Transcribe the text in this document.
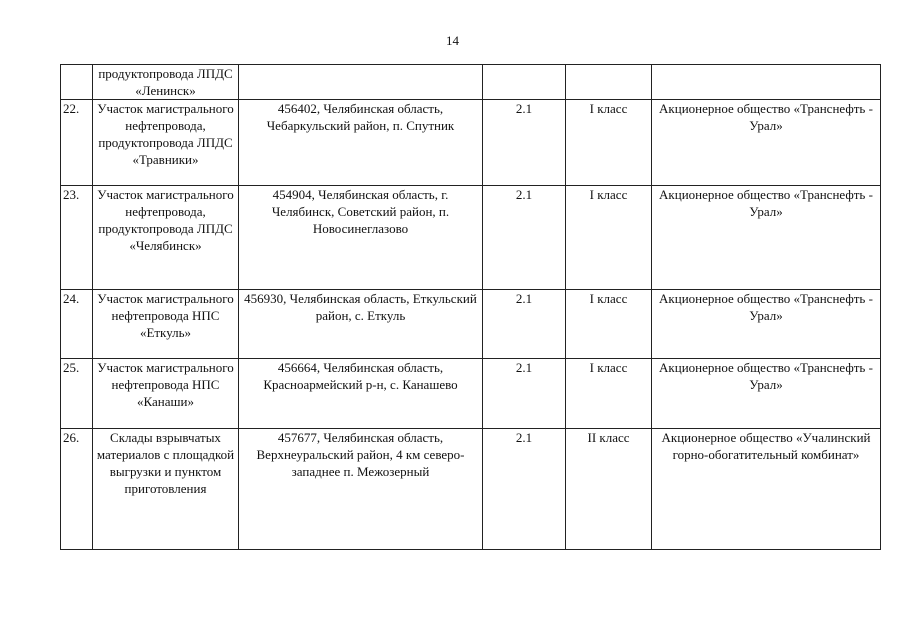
14
	продуктопровода ЛПДС «Ленинск»				
22.	Участок магистрального нефтепровода, продуктопровода ЛПДС «Травники»	456402, Челябинская область, Чебаркульский район, п. Спутник	2.1	I класс	Акционерное общество «Транснефть - Урал»
23.	Участок магистрального нефтепровода, продуктопровода ЛПДС «Челябинск»	454904, Челябинская область, г. Челябинск, Советский район, п. Новосинеглазово	2.1	I класс	Акционерное общество «Транснефть - Урал»
24.	Участок магистрального нефтепровода НПС «Еткуль»	456930, Челябинская область, Еткульский район, с. Еткуль	2.1	I класс	Акционерное общество «Транснефть - Урал»
25.	Участок магистрального нефтепровода НПС «Канаши»	456664, Челябинская область, Красноармейский р-н, с. Канашево	2.1	I класс	Акционерное общество «Транснефть - Урал»
26.	Склады взрывчатых материалов с площадкой выгрузки и пунктом приготовления	457677, Челябинская область, Верхнеуральский район, 4 км северо-западнее п. Межозерный	2.1	II класс	Акционерное общество «Учалинский горно-обогатительный комбинат»
